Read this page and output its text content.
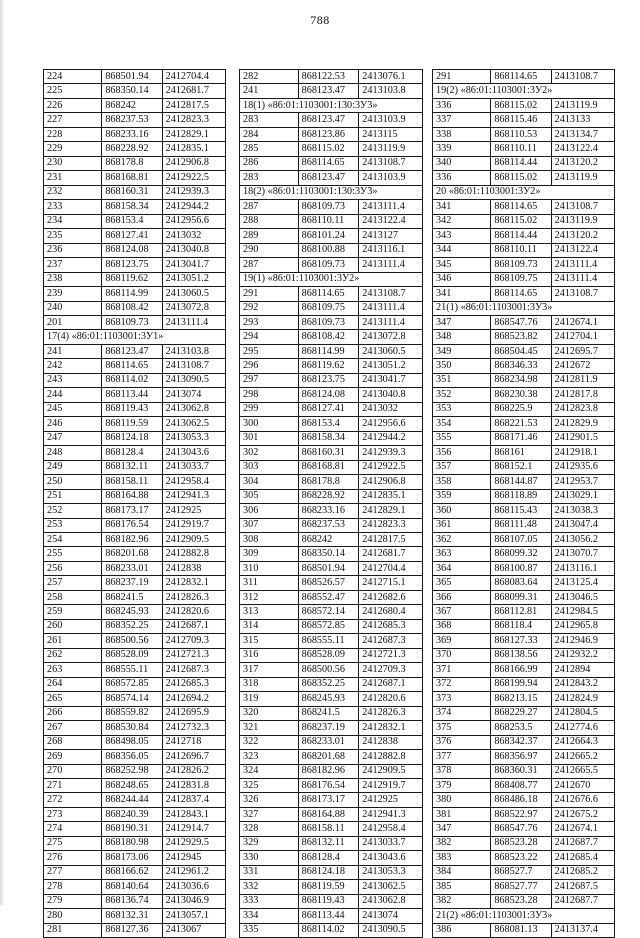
788
224	868501.94	2412704.4
225	868350.14	2412681.7
226	868242	2412817.5
227	868237.53	2412823.3
228	868233.16	2412829.1
229	868228.92	2412835.1
230	868178.8	2412906.8
231	868168.81	2412922.5
232	868160.31	2412939.3
233	868158.34	2412944.2
234	868153.4	2412956.6
235	868127.41	2413032
236	868124.08	2413040.8
237	868123.75	2413041.7
238	868119.62	2413051.2
239	868114.99	2413060.5
240	868108.42	2413072.8
201	868109.73	2413111.4
17(4) «86:01:1103001:3У1»		
241	868123.47	2413103.8
242	868114.65	2413108.7
243	868114.02	2413090.5
244	868113.44	2413074
245	868119.43	2413062.8
246	868119.59	2413062.5
247	868124.18	2413053.3
248	868128.4	2413043.6
249	868132.11	2413033.7
250	868158.11	2412958.4
251	868164.88	2412941.3
252	868173.17	2412925
253	868176.54	2412919.7
254	868182.96	2412909.5
255	868201.68	2412882.8
256	868233.01	2412838
257	868237.19	2412832.1
258	868241.5	2412826.3
259	868245.93	2412820.6
260	868352.25	2412687.1
261	868500.56	2412709.3
262	868528.09	2412721.3
263	868555.11	2412687.3
264	868572.85	2412685.3
265	868574.14	2412694.2
266	868559.82	2412695.9
267	868530.84	2412732.3
268	868498.05	2412718
269	868356.05	2412696.7
270	868252.98	2412826.2
271	868248.65	2412831.8
272	868244.44	2412837.4
273	868240.39	2412843.1
274	868190.31	2412914.7
275	868180.98	2412929.5
276	868173.06	2412945
277	868166.62	2412961.2
278	868140.64	2413036.6
279	868136.74	2413046.9
280	868132.31	2413057.1
281	868127.36	2413067
282	868122.53	2413076.1
241	868123.47	2413103.8
18(1) «86:01:1103001:130:3У3»		
283	868123.47	2413103.9
284	868123.86	2413115
285	868115.02	2413119.9
286	868114.65	2413108.7
283	868123.47	2413103.9
18(2) «86:01:1103001:130:3У3»		
287	868109.73	2413111.4
288	868110.11	2413122.4
289	868101.24	2413127
290	868100.88	2413116.1
287	868109.73	2413111.4
19(1) «86:01:1103001:3У2»		
291	868114.65	2413108.7
292	868109.75	2413111.4
293	868109.73	2413111.4
294	868108.42	2413072.8
295	868114.99	2413060.5
296	868119.62	2413051.2
297	868123.75	2413041.7
298	868124.08	2413040.8
299	868127.41	2413032
300	868153.4	2412956.6
301	868158.34	2412944.2
302	868160.31	2412939.3
303	868168.81	2412922.5
304	868178.8	2412906.8
305	868228.92	2412835.1
306	868233.16	2412829.1
307	868237.53	2412823.3
308	868242	2412817.5
309	868350.14	2412681.7
310	868501.94	2412704.4
311	868526.57	2412715.1
312	868552.47	2412682.6
313	868572.14	2412680.4
314	868572.85	2412685.3
315	868555.11	2412687.3
316	868528.09	2412721.3
317	868500.56	2412709.3
318	868352.25	2412687.1
319	868245.93	2412820.6
320	868241.5	2412826.3
321	868237.19	2412832.1
322	868233.01	2412838
323	868201.68	2412882.8
324	868182.96	2412909.5
325	868176.54	2412919.7
326	868173.17	2412925
327	868164.88	2412941.3
328	868158.11	2412958.4
329	868132.11	2413033.7
330	868128.4	2413043.6
331	868124.18	2413053.3
332	868119.59	2413062.5
333	868119.43	2413062.8
334	868113.44	2413074
335	868114.02	2413090.5
291	868114.65	2413108.7
19(2) «86:01:1103001:3У2»		
336	868115.02	2413119.9
337	868115.46	2413133
338	868110.53	2413134.7
339	868110.11	2413122.4
340	868114.44	2413120.2
336	868115.02	2413119.9
20 «86:01:1103001:3У2»		
341	868114.65	2413108.7
342	868115.02	2413119.9
343	868114.44	2413120.2
344	868110.11	2413122.4
345	868109.73	2413111.4
346	868109.75	2413111.4
341	868114.65	2413108.7
21(1) «86:01:1103001:3У3»		
347	868547.76	2412674.1
348	868523.82	2412704.1
349	868504.45	2412695.7
350	868346.33	2412672
351	868234.98	2412811.9
352	868230.38	2412817.8
353	868225.9	2412823.8
354	868221.53	2412829.9
355	868171.46	2412901.5
356	868161	2412918.1
357	868152.1	2412935.6
358	868144.87	2412953.7
359	868118.89	2413029.1
360	868115.43	2413038.3
361	868111.48	2413047.4
362	868107.05	2413056.2
363	868099.32	2413070.7
364	868100.87	2413116.1
365	868083.64	2413125.4
366	868099.31	2413046.5
367	868112.81	2412984.5
368	868118.4	2412965.8
369	868127.33	2412946.9
370	868138.56	2412932.2
371	868166.99	2412894
372	868199.94	2412843.2
373	868213.15	2412824.9
374	868229.27	2412804.5
375	868253.5	2412774.6
376	868342.37	2412664.3
377	868356.97	2412665.2
378	868360.31	2412665.5
379	868408.77	2412670
380	868486.18	2412676.6
381	868522.97	2412675.2
347	868547.76	2412674.1
382	868523.28	2412687.7
383	868523.22	2412685.4
384	868527.7	2412685.2
385	868527.77	2412687.5
382	868523.28	2412687.7
21(2) «86:01:1103001:3У3»		
386	868081.13	2413137.4
